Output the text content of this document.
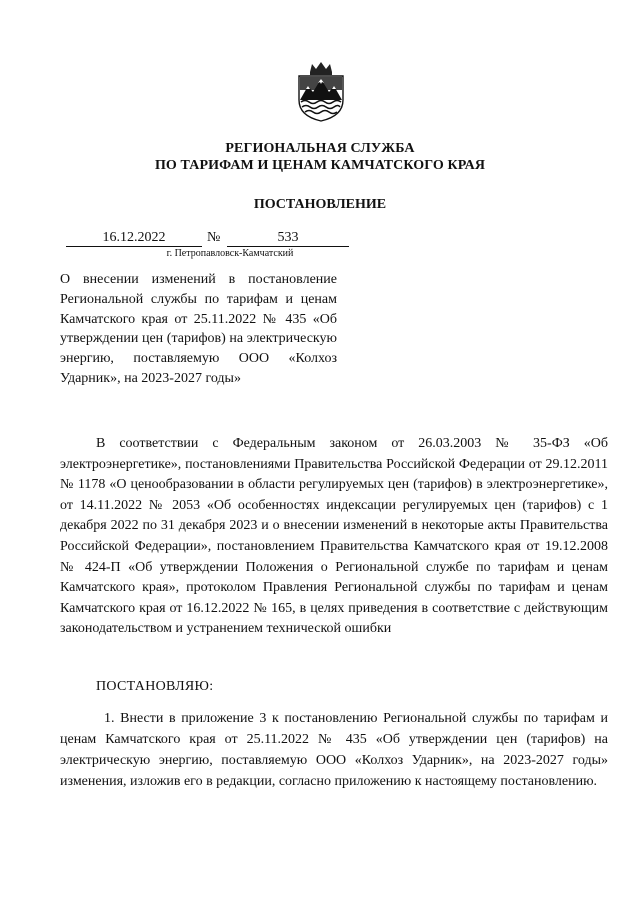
РЕГИОНАЛЬНАЯ СЛУЖБА
ПО ТАРИФАМ И ЦЕНАМ КАМЧАТСКОГО КРАЯ
ПОСТАНОВЛЕНИЕ
16.12.2022	№	533
г. Петропавловск-Камчатский
О внесении изменений в постановление Региональной службы по тарифам и ценам Камчатского края от 25.11.2022 № 435 «Об утверждении цен (тарифов) на электрическую энергию, поставляемую ООО «Колхоз Ударник», на 2023-2027 годы»
В соответствии с Федеральным законом от 26.03.2003 № 35-ФЗ «Об электроэнергетике», постановлениями Правительства Российской Федерации от 29.12.2011 № 1178 «О ценообразовании в области регулируемых цен (тарифов) в электроэнергетике», от 14.11.2022 № 2053 «Об особенностях индексации регулируемых цен (тарифов) с 1 декабря 2022 по 31 декабря 2023 и о внесении изменений в некоторые акты Правительства Российской Федерации», постановлением Правительства Камчатского края от 19.12.2008 № 424-П «Об утверждении Положения о Региональной службе по тарифам и ценам Камчатского края», протоколом Правления Региональной службы по тарифам и ценам Камчатского края от 16.12.2022 № 165, в целях приведения в соответствие с действующим законодательством и устранением технической ошибки
ПОСТАНОВЛЯЮ:
1. Внести в приложение 3 к постановлению Региональной службы по тарифам и ценам Камчатского края от 25.11.2022 № 435 «Об утверждении цен (тарифов) на электрическую энергию, поставляемую ООО «Колхоз Ударник», на 2023-2027 годы» изменения, изложив его в редакции, согласно приложению к настоящему постановлению.
